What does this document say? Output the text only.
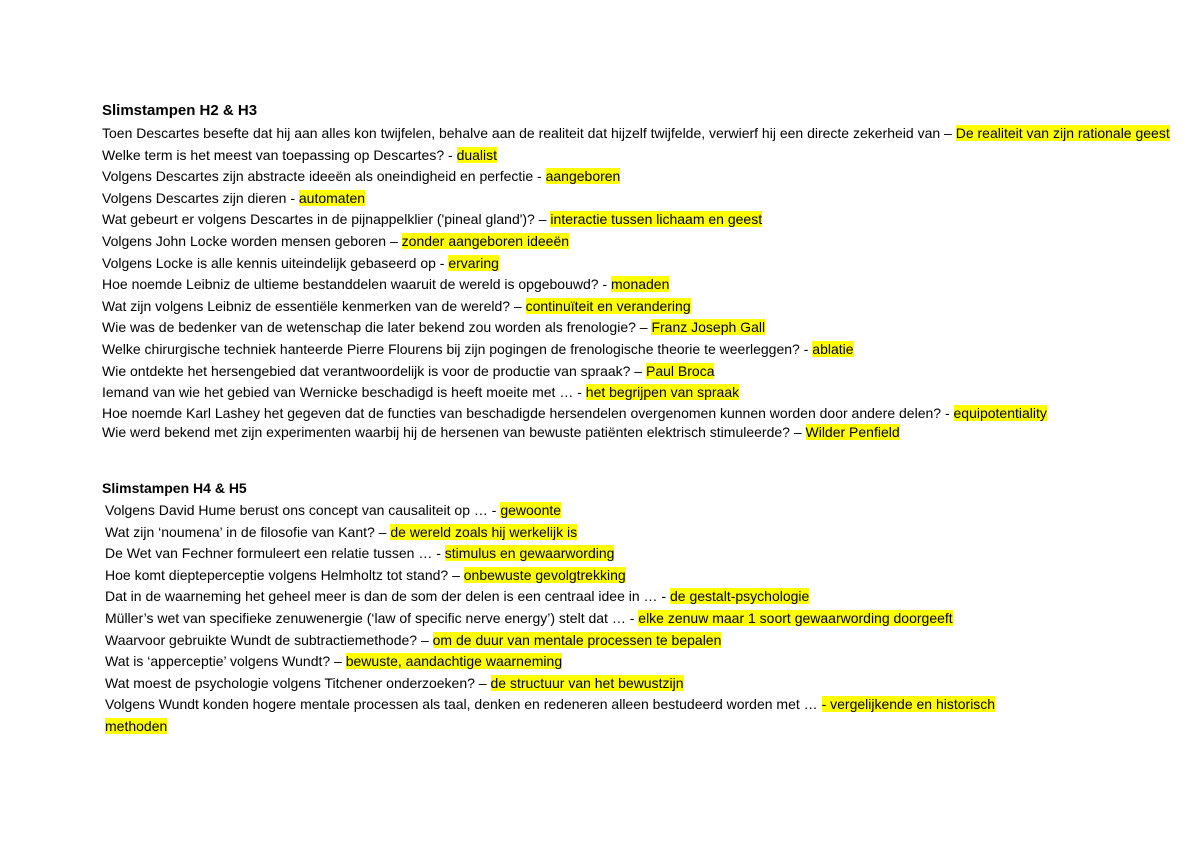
Slimstampen H2 & H3
Toen Descartes besefte dat hij aan alles kon twijfelen, behalve aan de realiteit dat hijzelf twijfelde, verwierf hij een directe zekerheid van – De realiteit van zijn rationale geest
Welke term is het meest van toepassing op Descartes? - dualist
Volgens Descartes zijn abstracte ideeën als oneindigheid en perfectie - aangeboren
Volgens Descartes zijn dieren - automaten
Wat gebeurt er volgens Descartes in de pijnappelklier ('pineal gland')? – interactie tussen lichaam en geest
Volgens John Locke worden mensen geboren – zonder aangeboren ideeën
Volgens Locke is alle kennis uiteindelijk gebaseerd op - ervaring
Hoe noemde Leibniz de ultieme bestanddelen waaruit de wereld is opgebouwd? - monaden
Wat zijn volgens Leibniz de essentiële kenmerken van de wereld? – continuïteit en verandering
Wie was de bedenker van de wetenschap die later bekend zou worden als frenologie? – Franz Joseph Gall
Welke chirurgische techniek hanteerde Pierre Flourens bij zijn pogingen de frenologische theorie te weerleggen? - ablatie
Wie ontdekte het hersengebied dat verantwoordelijk is voor de productie van spraak? – Paul Broca
Iemand van wie het gebied van Wernicke beschadigd is heeft moeite met … - het begrijpen van spraak
Hoe noemde Karl Lashey het gegeven dat de functies van beschadigde hersendelen overgenomen kunnen worden door andere delen? - equipotentiality
Wie werd bekend met zijn experimenten waarbij hij de hersenen van bewuste patiënten elektrisch stimuleerde? – Wilder Penfield
Slimstampen H4 & H5
Volgens David Hume berust ons concept van causaliteit op … - gewoonte
Wat zijn ‘noumena’ in de filosofie van Kant? – de wereld zoals hij werkelijk is
De Wet van Fechner formuleert een relatie tussen … - stimulus en gewaarwording
Hoe komt diepteperceptie volgens Helmholtz tot stand? – onbewuste gevolgtrekking
Dat in de waarneming het geheel meer is dan de som der delen is een centraal idee in … - de gestalt-psychologie
Müller’s wet van specifieke zenuwenergie (‘law of specific nerve energy’) stelt dat … - elke zenuw maar 1 soort gewaarwording doorgeeft
Waarvoor gebruikte Wundt de subtractiemethode? – om de duur van mentale processen te bepalen
Wat is ‘apperceptie’ volgens Wundt? – bewuste, aandachtige waarneming
Wat moest de psychologie volgens Titchener onderzoeken? – de structuur van het bewustzijn
Volgens Wundt konden hogere mentale processen als taal, denken en redeneren alleen bestudeerd worden met … - vergelijkende en historisch methoden
